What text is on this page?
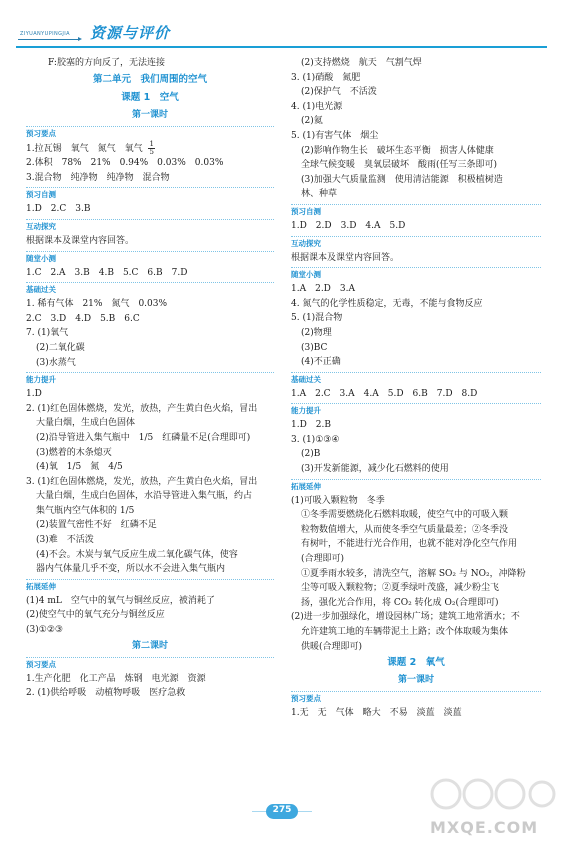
ZIYUANYUPINGJIA 资源与评价
F:胶塞的方向反了，无法连接
第二单元　我们周围的空气
课题 1　空气
第一课时
预习要点
1.拉瓦锡　氧气　氮气　氧气 $\frac{1}{5}$
2.体积　78%　21%　0.94%　0.03%　0.03%
3.混合物　纯净物　纯净物　混合物
预习自测
1.D　2.C　3.B
互动探究
根据课本及课堂内容回答。
随堂小测
1.C　2.A　3.B　4.B　5.C　6.B　7.D
基础过关
1. 稀有气体　21%　氮气　0.03%
2.C　3.D　4.D　5.B　6.C
7. (1)氧气
(2)二氧化碳
(3)水蒸气
能力提升
1.D
2. (1)红色固体燃烧，发光，放热，产生黄白色火焰，冒出
大量白烟，生成白色固体
(2)沿导管进入集气瓶中　1/5　红磷量不足(合理即可)
(3)燃着的木条熄灭
(4)氧　1/5　氮　4/5
3. (1)红色固体燃烧，发光，放热，产生黄白色火焰，冒出
大量白烟，生成白色固体，水沿导管进入集气瓶，约占
集气瓶内空气体积的 1/5
(2)装置气密性不好　红磷不足
(3)难　不活泼
(4)不会。木炭与氧气反应生成二氧化碳气体，使容
器内气体量几乎不变，所以水不会进入集气瓶内
拓展延伸
(1)4 mL　空气中的氧气与铜丝反应，被消耗了
(2)使空气中的氧气充分与铜丝反应
(3)①②③
第二课时
预习要点
1.生产化肥　化工产品　炼钢　电光源　资源
2. (1)供给呼吸　动植物呼吸　医疗急救
(2)支持燃烧　航天　气割气焊
3. (1)硝酸　氮肥
(2)保护气　不活泼
4. (1)电光源
(2)氦
5. (1)有害气体　烟尘
(2)影响作物生长　破坏生态平衡　损害人体健康
全球气候变暖　臭氧层破坏　酸雨(任写三条即可)
(3)加强大气质量监测　使用清洁能源　积极植树造
林、种草
预习自测
1.D　2.D　3.D　4.A　5.D
互动探究
根据课本及课堂内容回答。
随堂小测
1.A　2.D　3.A
4. 氮气的化学性质稳定，无毒，不能与食物反应
5. (1)混合物
(2)物理
(3)BC
(4)不正确
基础过关
1.A　2.C　3.A　4.A　5.D　6.B　7.D　8.D
能力提升
1.D　2.B
3. (1)①③④
(2)B
(3)开发新能源，减少化石燃料的使用
拓展延伸
(1)可吸入颗粒物　冬季
①冬季需要燃烧化石燃料取暖，使空气中的可吸入颗
粒物数值增大，从而使冬季空气质量最差；②冬季没
有树叶，不能进行光合作用，也就不能对净化空气作用
(合理即可)
①夏季雨水较多，清洗空气，溶解 SO₂ 与 NO₂，冲降粉
尘等可吸入颗粒物；②夏季绿叶茂盛，减少粉尘飞
扬，强化光合作用，将 CO₂ 转化成 O₂(合理即可)
(2)进一步加强绿化，增设园林广场；建筑工地常洒水；不
允许建筑工地的车辆带泥土上路；改个体取暖为集体
供暖(合理即可)
课题 2　氧气
第一课时
预习要点
1.无　无　气体　略大　不易　淡蓝　淡蓝
275
MXQE.COM
